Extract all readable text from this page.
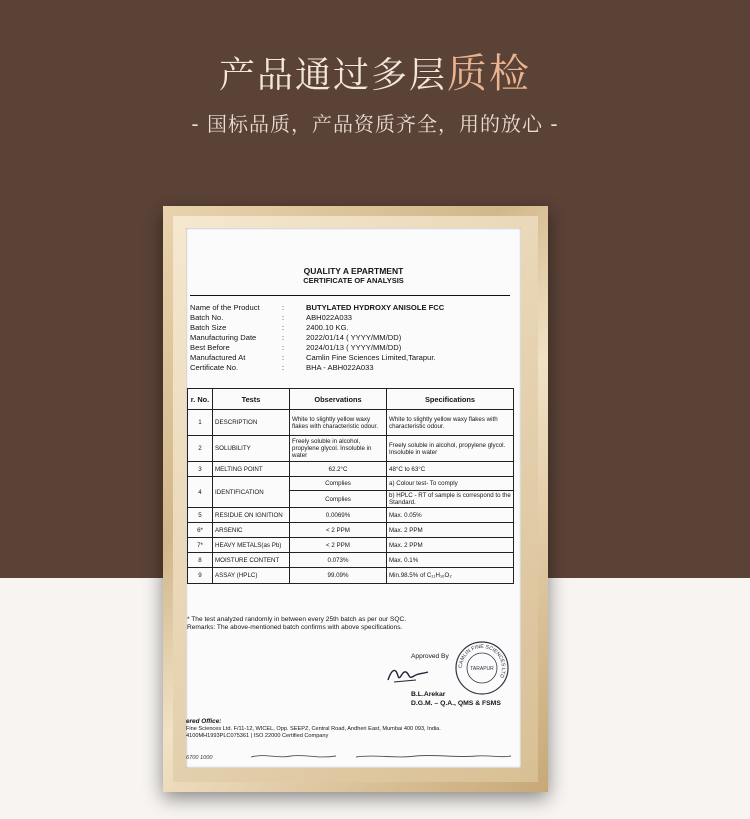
产品通过多层质检
- 国标品质，产品资质齐全，用的放心 -
QUALITY A EPARTMENT
CERTIFICATE OF ANALYSIS
Name of the Product	:	BUTYLATED HYDROXY ANISOLE FCC
Batch No.	:	ABH022A033
Batch Size	:	2400.10 KG.
Manufacturing Date	:	2022/01/14 ( YYYY/MM/DD)
Best Before	:	2024/01/13 ( YYYY/MM/DD)
Manufactured At	:	Camlin Fine Sciences Limited,Tarapur.
Certificate No.	:	BHA - ABH022A033
r. No.	Tests	Observations	Specifications
1	DESCRIPTION	White to slightly yellow waxy flakes with characteristic odour.	White to slightly yellow waxy flakes with characteristic odour.
2	SOLUBILITY	Freely soluble in alcohol, propylene glycol. Insoluble in water	Freely soluble in alcohol, propylene glycol. Insoluble in water
3	MELTING POINT	62.2°C	48°C to 63°C
4	IDENTIFICATION	Complies	a) Colour test- To comply
		Complies	b) HPLC - RT of sample is correspond to the Standard.
5	RESIDUE ON IGNITION	0.0069%	Max. 0.05%
6*	ARSENIC	< 2 PPM	Max. 2 PPM
7*	HEAVY METALS(as Pb)	< 2 PPM	Max. 2 PPM
8	MOISTURE CONTENT	0.073%	Max. 0.1%
9	ASSAY (HPLC)	99.09%	Min.98.5% of C₁₁H₁₆O₂
* The test analyzed randomly in between every 25th batch as per our SQC.
Remarks: The above-mentioned batch confirms with above specifications.
Approved By
CAMLIN FINE SCIENCES LTD
TARAPUR
B.L.Arekar
D.G.M. – Q.A., QMS & FSMS
ered Office:
Fine Sciences Ltd. F/11-12, WICEL, Opp. SEEPZ, Central Road, Andheri East, Mumbai 400 093, India.
4100MH1993PLC075361 | ISO 22000 Certified Company
6700 1000
